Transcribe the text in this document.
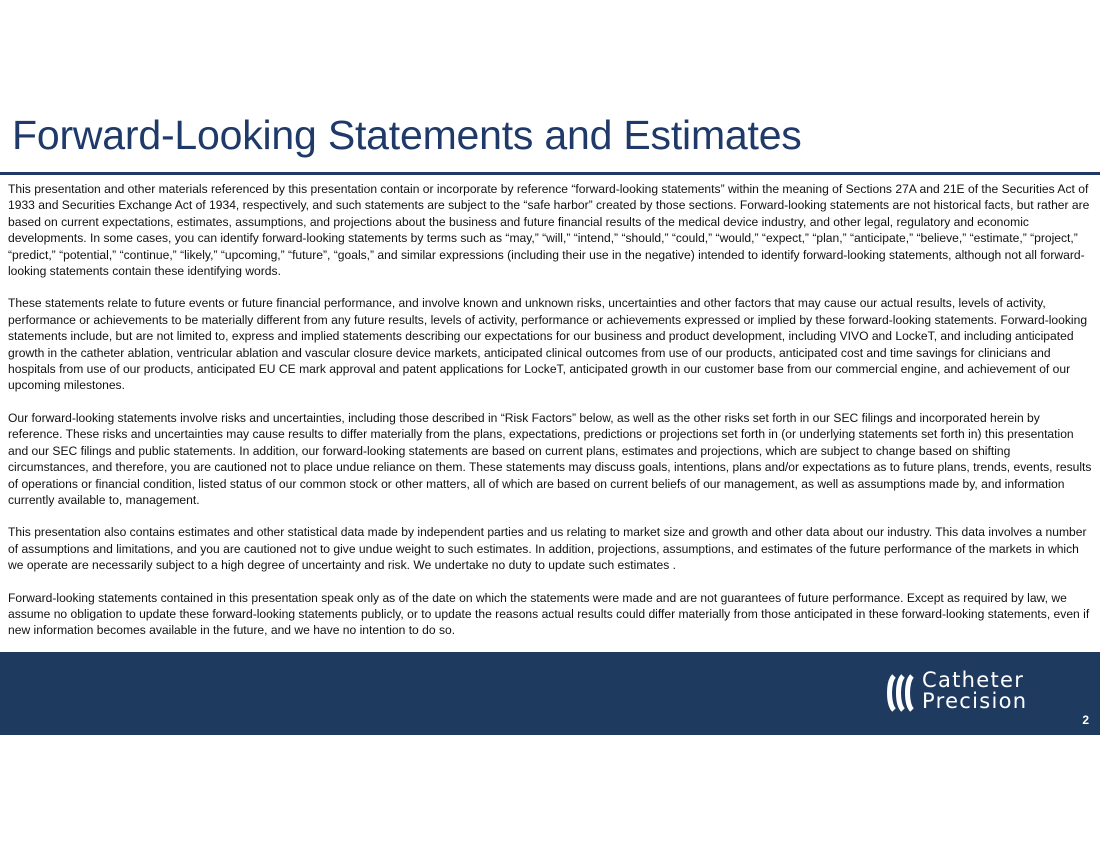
Forward-Looking Statements and Estimates

This presentation and other materials referenced by this presentation contain or incorporate by reference “forward-looking statements” within the meaning of Sections 27A and 21E of the Securities Act of 1933 and Securities Exchange Act of 1934, respectively, and such statements are subject to the “safe harbor” created by those sections. Forward-looking statements are not historical facts, but rather are based on current expectations, estimates, assumptions, and projections about the business and future financial results of the medical device industry, and other legal, regulatory and economic developments. In some cases, you can identify forward-looking statements by terms such as “may,” “will,” “intend,” “should,” “could,” “would,” “expect,” “plan,” “anticipate,” “believe,” “estimate,” “project,” “predict,” “potential,” “continue,” “likely,” “upcoming,” “future”, “goals,” and similar expressions (including their use in the negative) intended to identify forward-looking statements, although not all forward-looking statements contain these identifying words.

These statements relate to future events or future financial performance, and involve known and unknown risks, uncertainties and other factors that may cause our actual results, levels of activity, performance or achievements to be materially different from any future results, levels of activity, performance or achievements expressed or implied by these forward-looking statements. Forward-looking statements include, but are not limited to, express and implied statements describing our expectations for our business and product development, including VIVO and LockeT, and including anticipated growth in the catheter ablation, ventricular ablation and vascular closure device markets, anticipated clinical outcomes from use of our products, anticipated cost and time savings for clinicians and hospitals from use of our products, anticipated EU CE mark approval and patent applications for LockeT, anticipated growth in our customer base from our commercial engine, and achievement of our upcoming milestones.

Our forward-looking statements involve risks and uncertainties, including those described in “Risk Factors” below, as well as the other risks set forth in our SEC filings and incorporated herein by reference. These risks and uncertainties may cause results to differ materially from the plans, expectations, predictions or projections set forth in (or underlying statements set forth in) this presentation and our SEC filings and public statements. In addition, our forward-looking statements are based on current plans, estimates and projections, which are subject to change based on shifting circumstances, and therefore, you are cautioned not to place undue reliance on them. These statements may discuss goals, intentions, plans and/or expectations as to future plans, trends, events, results of operations or financial condition, listed status of our common stock or other matters, all of which are based on current beliefs of our management, as well as assumptions made by, and information currently available to, management.

This presentation also contains estimates and other statistical data made by independent parties and us relating to market size and growth and other data about our industry. This data involves a number of assumptions and limitations, and you are cautioned not to give undue weight to such estimates. In addition, projections, assumptions, and estimates of the future performance of the markets in which we operate are necessarily subject to a high degree of uncertainty and risk. We undertake no duty to update such estimates .

Forward-looking statements contained in this presentation speak only as of the date on which the statements were made and are not guarantees of future performance. Except as required by law, we assume no obligation to update these forward-looking statements publicly, or to update the reasons actual results could differ materially from those anticipated in these forward-looking statements, even if new information becomes available in the future, and we have no intention to do so.

Catheter
Precision
2
